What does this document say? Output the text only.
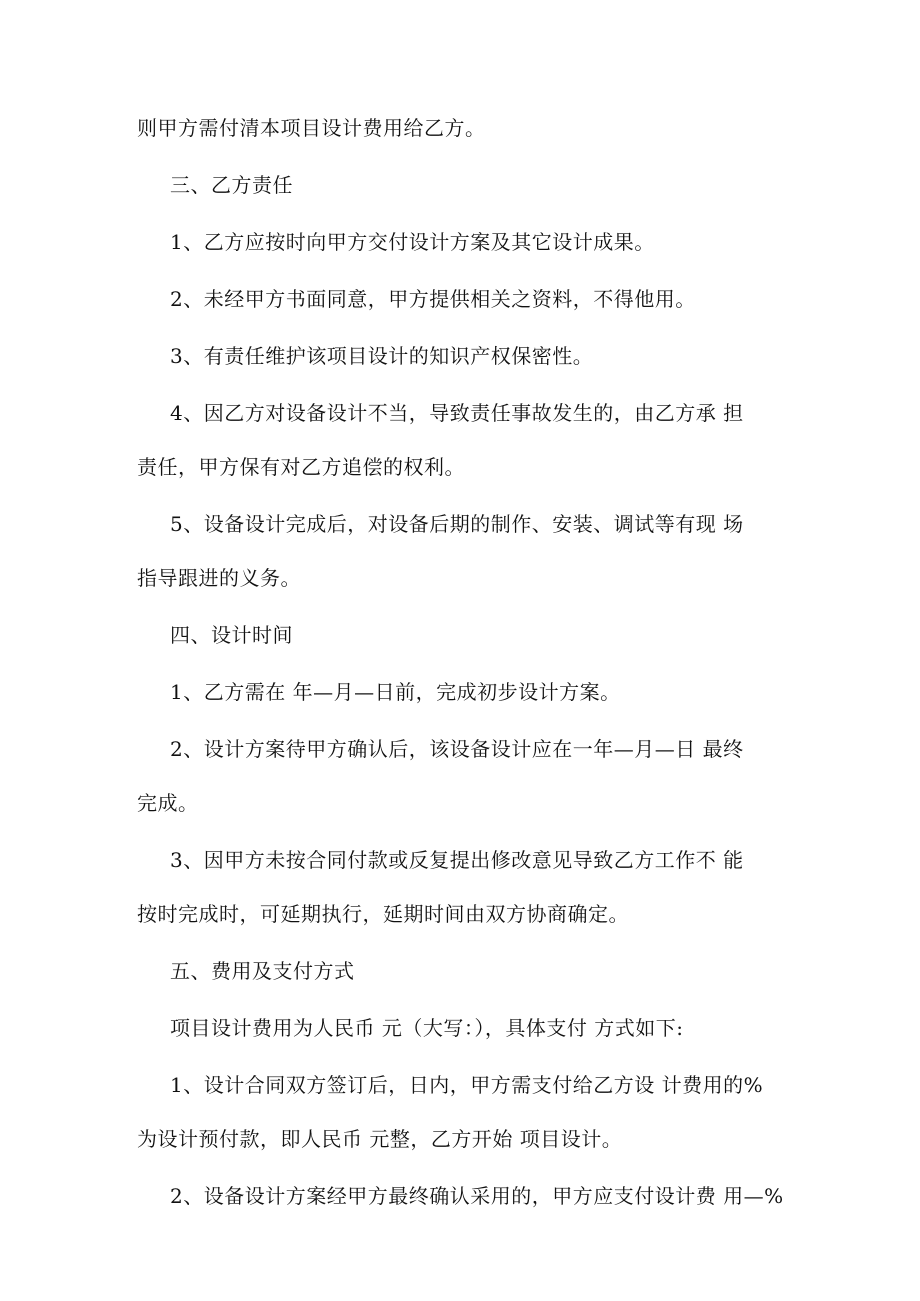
则甲方需付清本项目设计费用给乙方。
三、乙方责任
1、乙方应按时向甲方交付设计方案及其它设计成果。
2、未经甲方书面同意，甲方提供相关之资料，不得他用。
3、有责任维护该项目设计的知识产权保密性。
4、因乙方对设备设计不当，导致责任事故发生的，由乙方承 担
责任，甲方保有对乙方追偿的权利。
5、设备设计完成后，对设备后期的制作、安装、调试等有现 场
指导跟进的义务。
四、设计时间
1、乙方需在 年—月—日前，完成初步设计方案。
2、设计方案待甲方确认后，该设备设计应在一年—月—日 最终
完成。
3、因甲方未按合同付款或反复提出修改意见导致乙方工作不 能
按时完成时，可延期执行，延期时间由双方协商确定。
五、费用及支付方式
项目设计费用为人民币 元（大写：），具体支付 方式如下:
1、设计合同双方签订后，日内，甲方需支付给乙方设 计费用的%
为设计预付款，即人民币 元整，乙方开始 项目设计。
2、设备设计方案经甲方最终确认采用的，甲方应支付设计费 用—%
